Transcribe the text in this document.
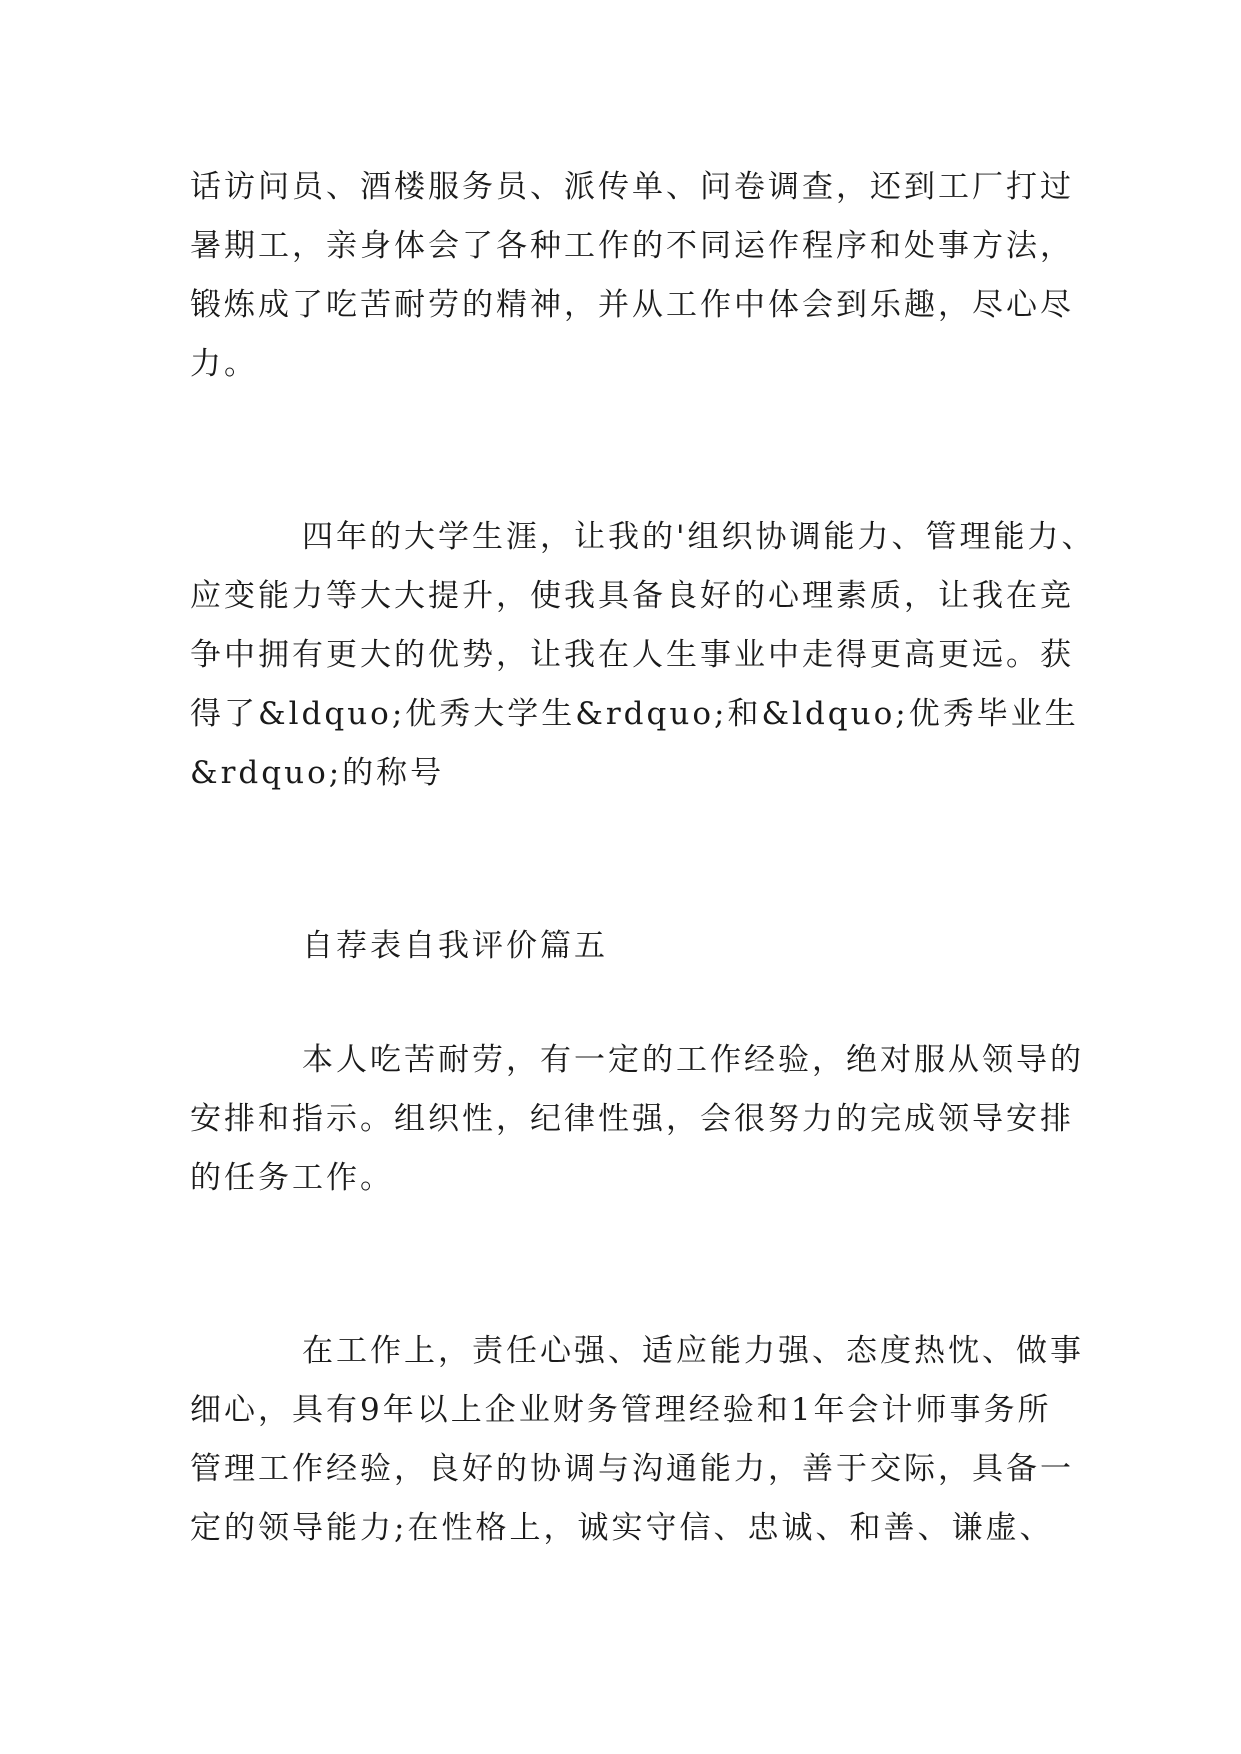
话访问员、酒楼服务员、派传单、问卷调查，还到工厂打过
暑期工，亲身体会了各种工作的不同运作程序和处事方法，
锻炼成了吃苦耐劳的精神，并从工作中体会到乐趣，尽心尽
力。
四年的大学生涯，让我的'组织协调能力、管理能力、
应变能力等大大提升，使我具备良好的心理素质，让我在竞
争中拥有更大的优势，让我在人生事业中走得更高更远。获
得了&ldquo;优秀大学生&rdquo;和&ldquo;优秀毕业生
&rdquo;的称号
自荐表自我评价篇五
本人吃苦耐劳，有一定的工作经验，绝对服从领导的
安排和指示。组织性，纪律性强，会很努力的完成领导安排
的任务工作。
在工作上，责任心强、适应能力强、态度热忱、做事
细心，具有9年以上企业财务管理经验和1年会计师事务所
管理工作经验，良好的协调与沟通能力，善于交际，具备一
定的领导能力;在性格上，诚实守信、忠诚、和善、谦虚、
